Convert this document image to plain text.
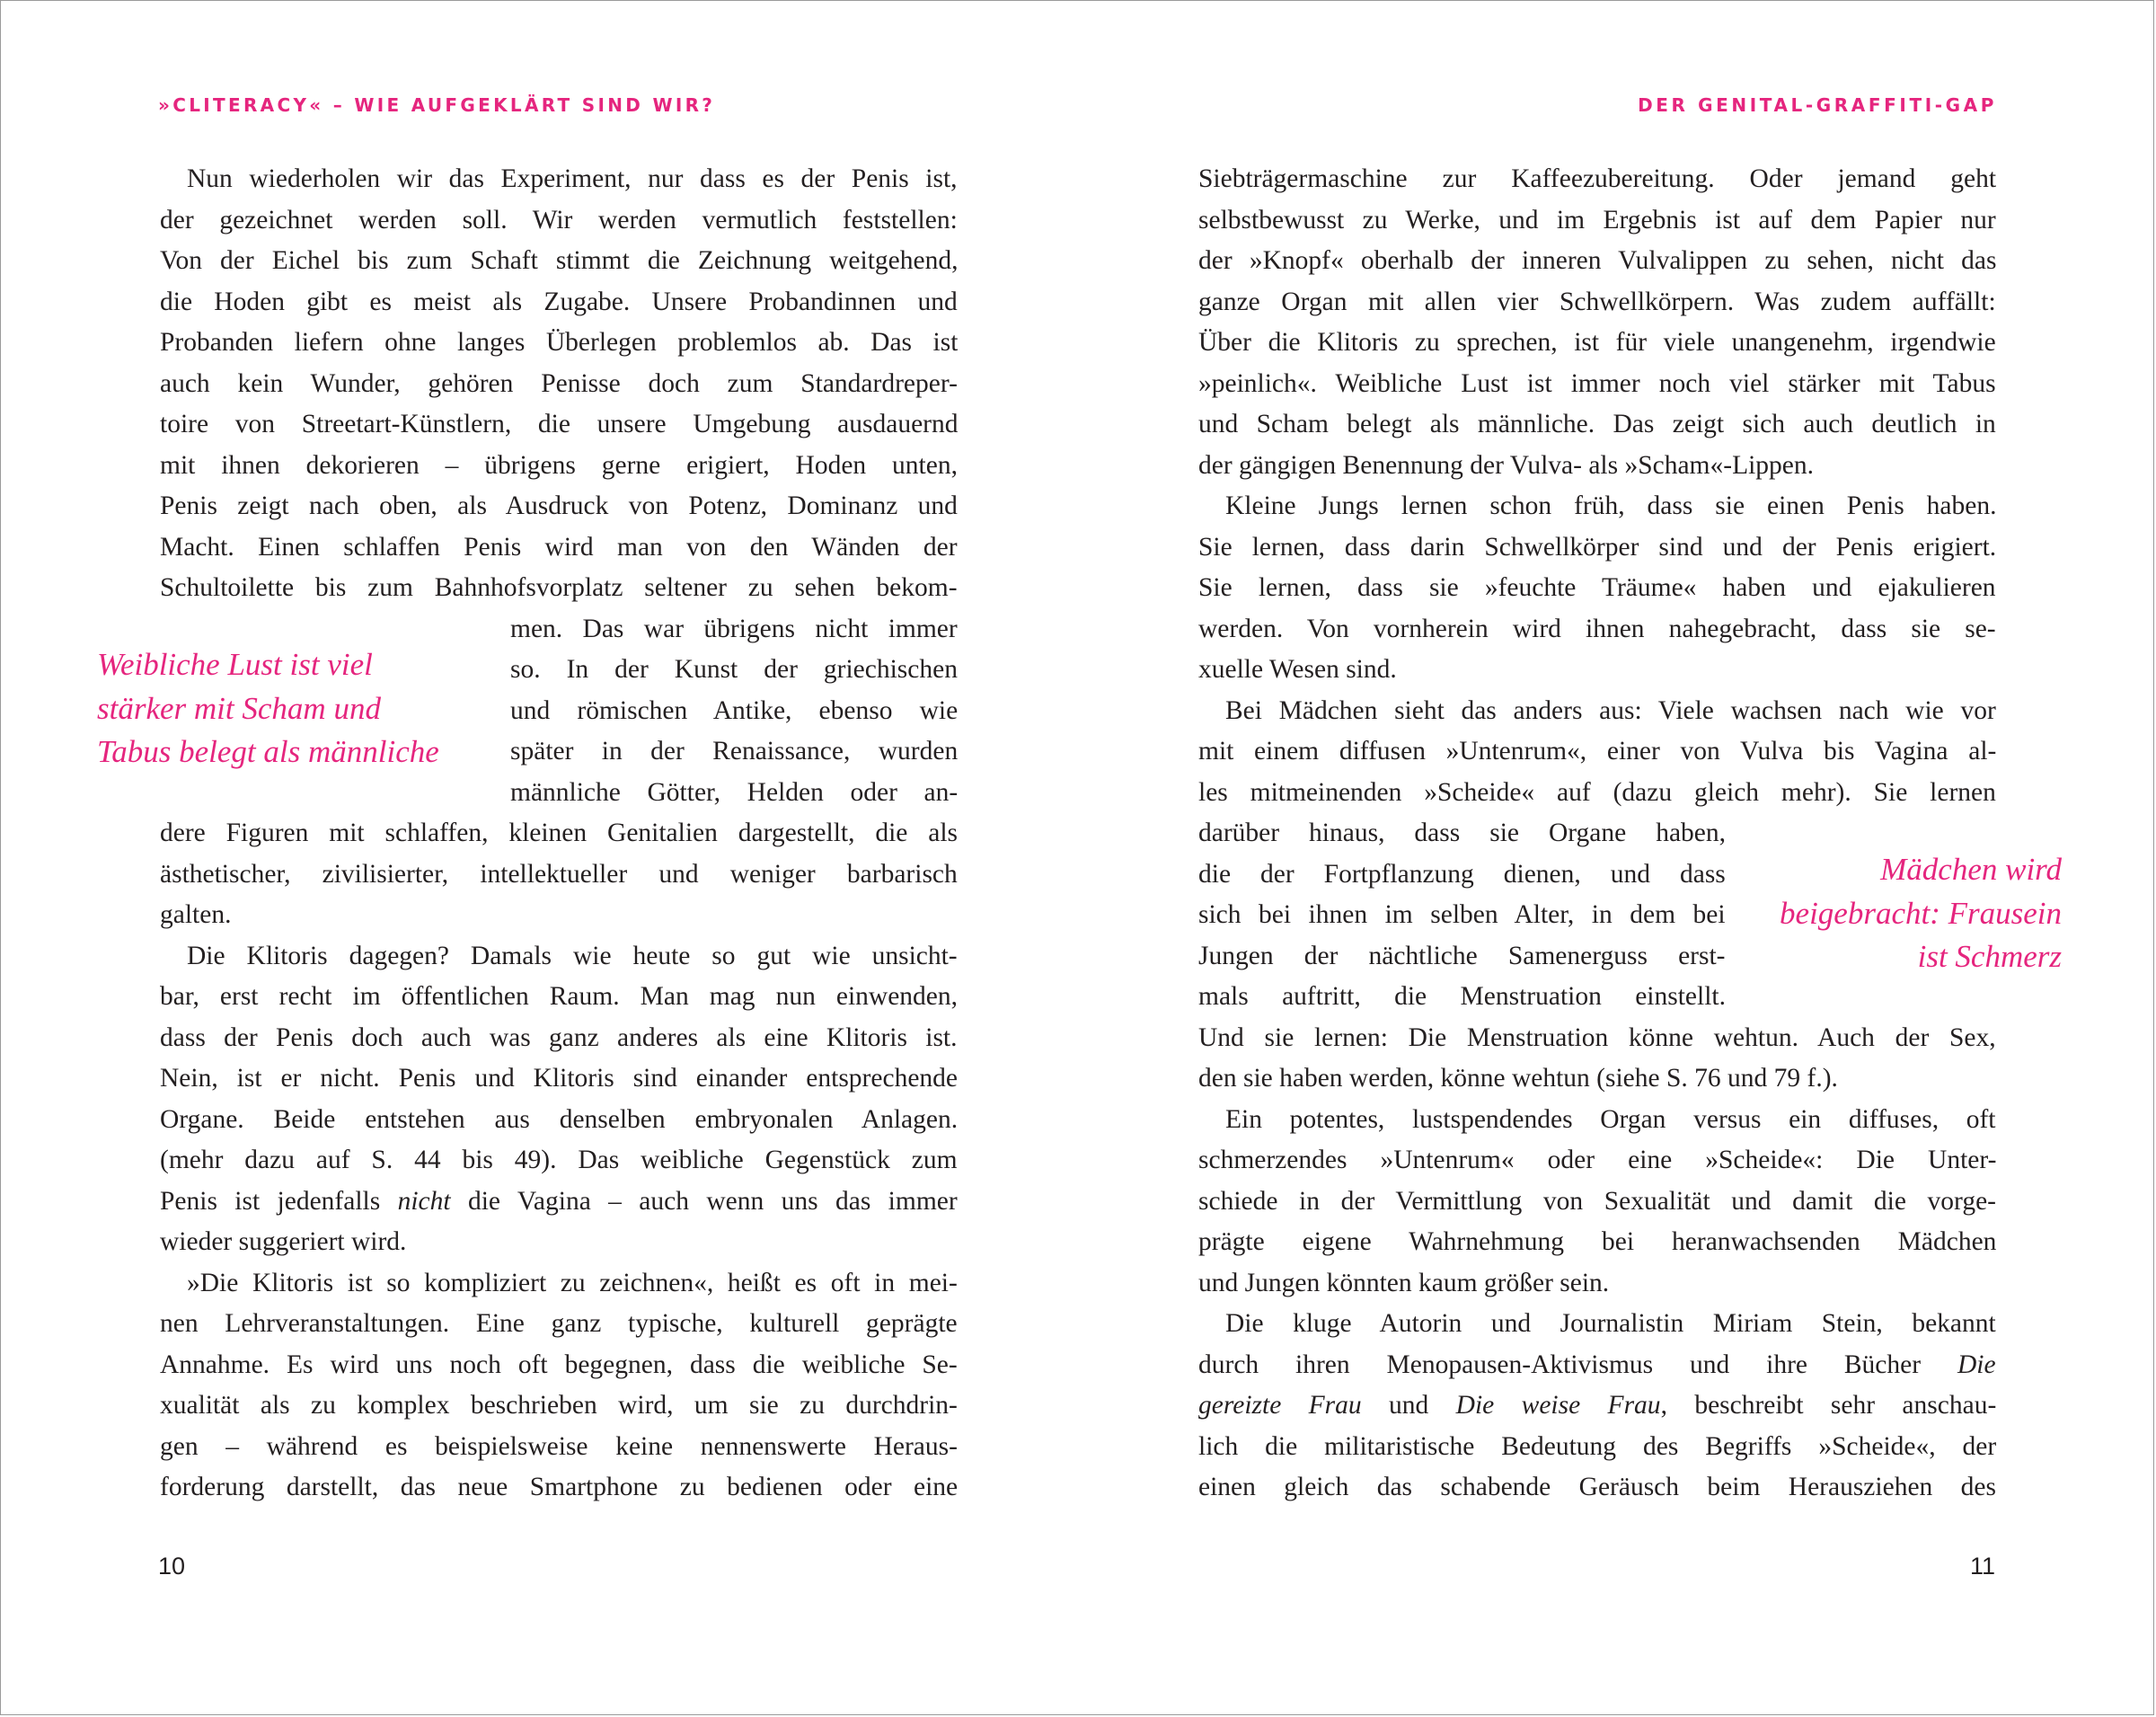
»CLITERACY« – WIE AUFGEKLÄRT SIND WIR?	DER GENITAL-GRAFFITI-GAP
Nun wiederholen wir das Experiment, nur dass es der Penis ist,
der gezeichnet werden soll. Wir werden vermutlich feststellen:
Von der Eichel bis zum Schaft stimmt die Zeichnung weitgehend,
die Hoden gibt es meist als Zugabe. Unsere Probandinnen und
Probanden liefern ohne langes Überlegen problemlos ab. Das ist
auch kein Wunder, gehören Penisse doch zum Standardreper-
toire von Streetart-Künstlern, die unsere Umgebung ausdauernd
mit ihnen dekorieren – übrigens gerne erigiert, Hoden unten,
Penis zeigt nach oben, als Ausdruck von Potenz, Dominanz und
Macht. Einen schlaffen Penis wird man von den Wänden der
Schultoilette bis zum Bahnhofsvorplatz seltener zu sehen bekom-
men. Das war übrigens nicht immer
so. In der Kunst der griechischen
und römischen Antike, ebenso wie
später in der Renaissance, wurden
männliche Götter, Helden oder an-
dere Figuren mit schlaffen, kleinen Genitalien dargestellt, die als
ästhetischer, zivilisierter, intellektueller und weniger barbarisch
galten.
Die Klitoris dagegen? Damals wie heute so gut wie unsicht-
bar, erst recht im öffentlichen Raum. Man mag nun einwenden,
dass der Penis doch auch was ganz anderes als eine Klitoris ist.
Nein, ist er nicht. Penis und Klitoris sind einander entsprechende
Organe. Beide entstehen aus denselben embryonalen Anlagen.
(mehr dazu auf S. 44 bis 49). Das weibliche Gegenstück zum
Penis ist jedenfalls nicht die Vagina – auch wenn uns das immer
wieder suggeriert wird.
»Die Klitoris ist so kompliziert zu zeichnen«, heißt es oft in mei-
nen Lehrveranstaltungen. Eine ganz typische, kulturell geprägte
Annahme. Es wird uns noch oft begegnen, dass die weibliche Se-
xualität als zu komplex beschrieben wird, um sie zu durchdrin-
gen – während es beispielsweise keine nennenswerte Heraus-
forderung darstellt, das neue Smartphone zu bedienen oder eine
Siebträgermaschine zur Kaffeezubereitung. Oder jemand geht
selbstbewusst zu Werke, und im Ergebnis ist auf dem Papier nur
der »Knopf« oberhalb der inneren Vulvalippen zu sehen, nicht das
ganze Organ mit allen vier Schwellkörpern. Was zudem auffällt:
Über die Klitoris zu sprechen, ist für viele unangenehm, irgendwie
»peinlich«. Weibliche Lust ist immer noch viel stärker mit Tabus
und Scham belegt als männliche. Das zeigt sich auch deutlich in
der gängigen Benennung der Vulva- als »Scham«-Lippen.
Kleine Jungs lernen schon früh, dass sie einen Penis haben.
Sie lernen, dass darin Schwellkörper sind und der Penis erigiert.
Sie lernen, dass sie »feuchte Träume« haben und ejakulieren
werden. Von vornherein wird ihnen nahegebracht, dass sie se-
xuelle Wesen sind.
Bei Mädchen sieht das anders aus: Viele wachsen nach wie vor
mit einem diffusen »Untenrum«, einer von Vulva bis Vagina al-
les mitmeinenden »Scheide« auf (dazu gleich mehr). Sie lernen
darüber hinaus, dass sie Organe haben,
die der Fortpflanzung dienen, und dass
sich bei ihnen im selben Alter, in dem bei
Jungen der nächtliche Samenerguss erst-
mals auftritt, die Menstruation einstellt.
Und sie lernen: Die Menstruation könne wehtun. Auch der Sex,
den sie haben werden, könne wehtun (siehe S. 76 und 79 f.).
Ein potentes, lustspendendes Organ versus ein diffuses, oft
schmerzendes »Untenrum« oder eine »Scheide«: Die Unter-
schiede in der Vermittlung von Sexualität und damit die vorge-
prägte eigene Wahrnehmung bei heranwachsenden Mädchen
und Jungen könnten kaum größer sein.
Die kluge Autorin und Journalistin Miriam Stein, bekannt
durch ihren Menopausen-Aktivismus und ihre Bücher Die
gereizte Frau und Die weise Frau, beschreibt sehr anschau-
lich die militaristische Bedeutung des Begriffs »Scheide«, der
einen gleich das schabende Geräusch beim Herausziehen des
Weibliche Lust ist viel
stärker mit Scham und
Tabus belegt als männliche
Mädchen wird
beigebracht: Frausein
ist Schmerz
10	11
